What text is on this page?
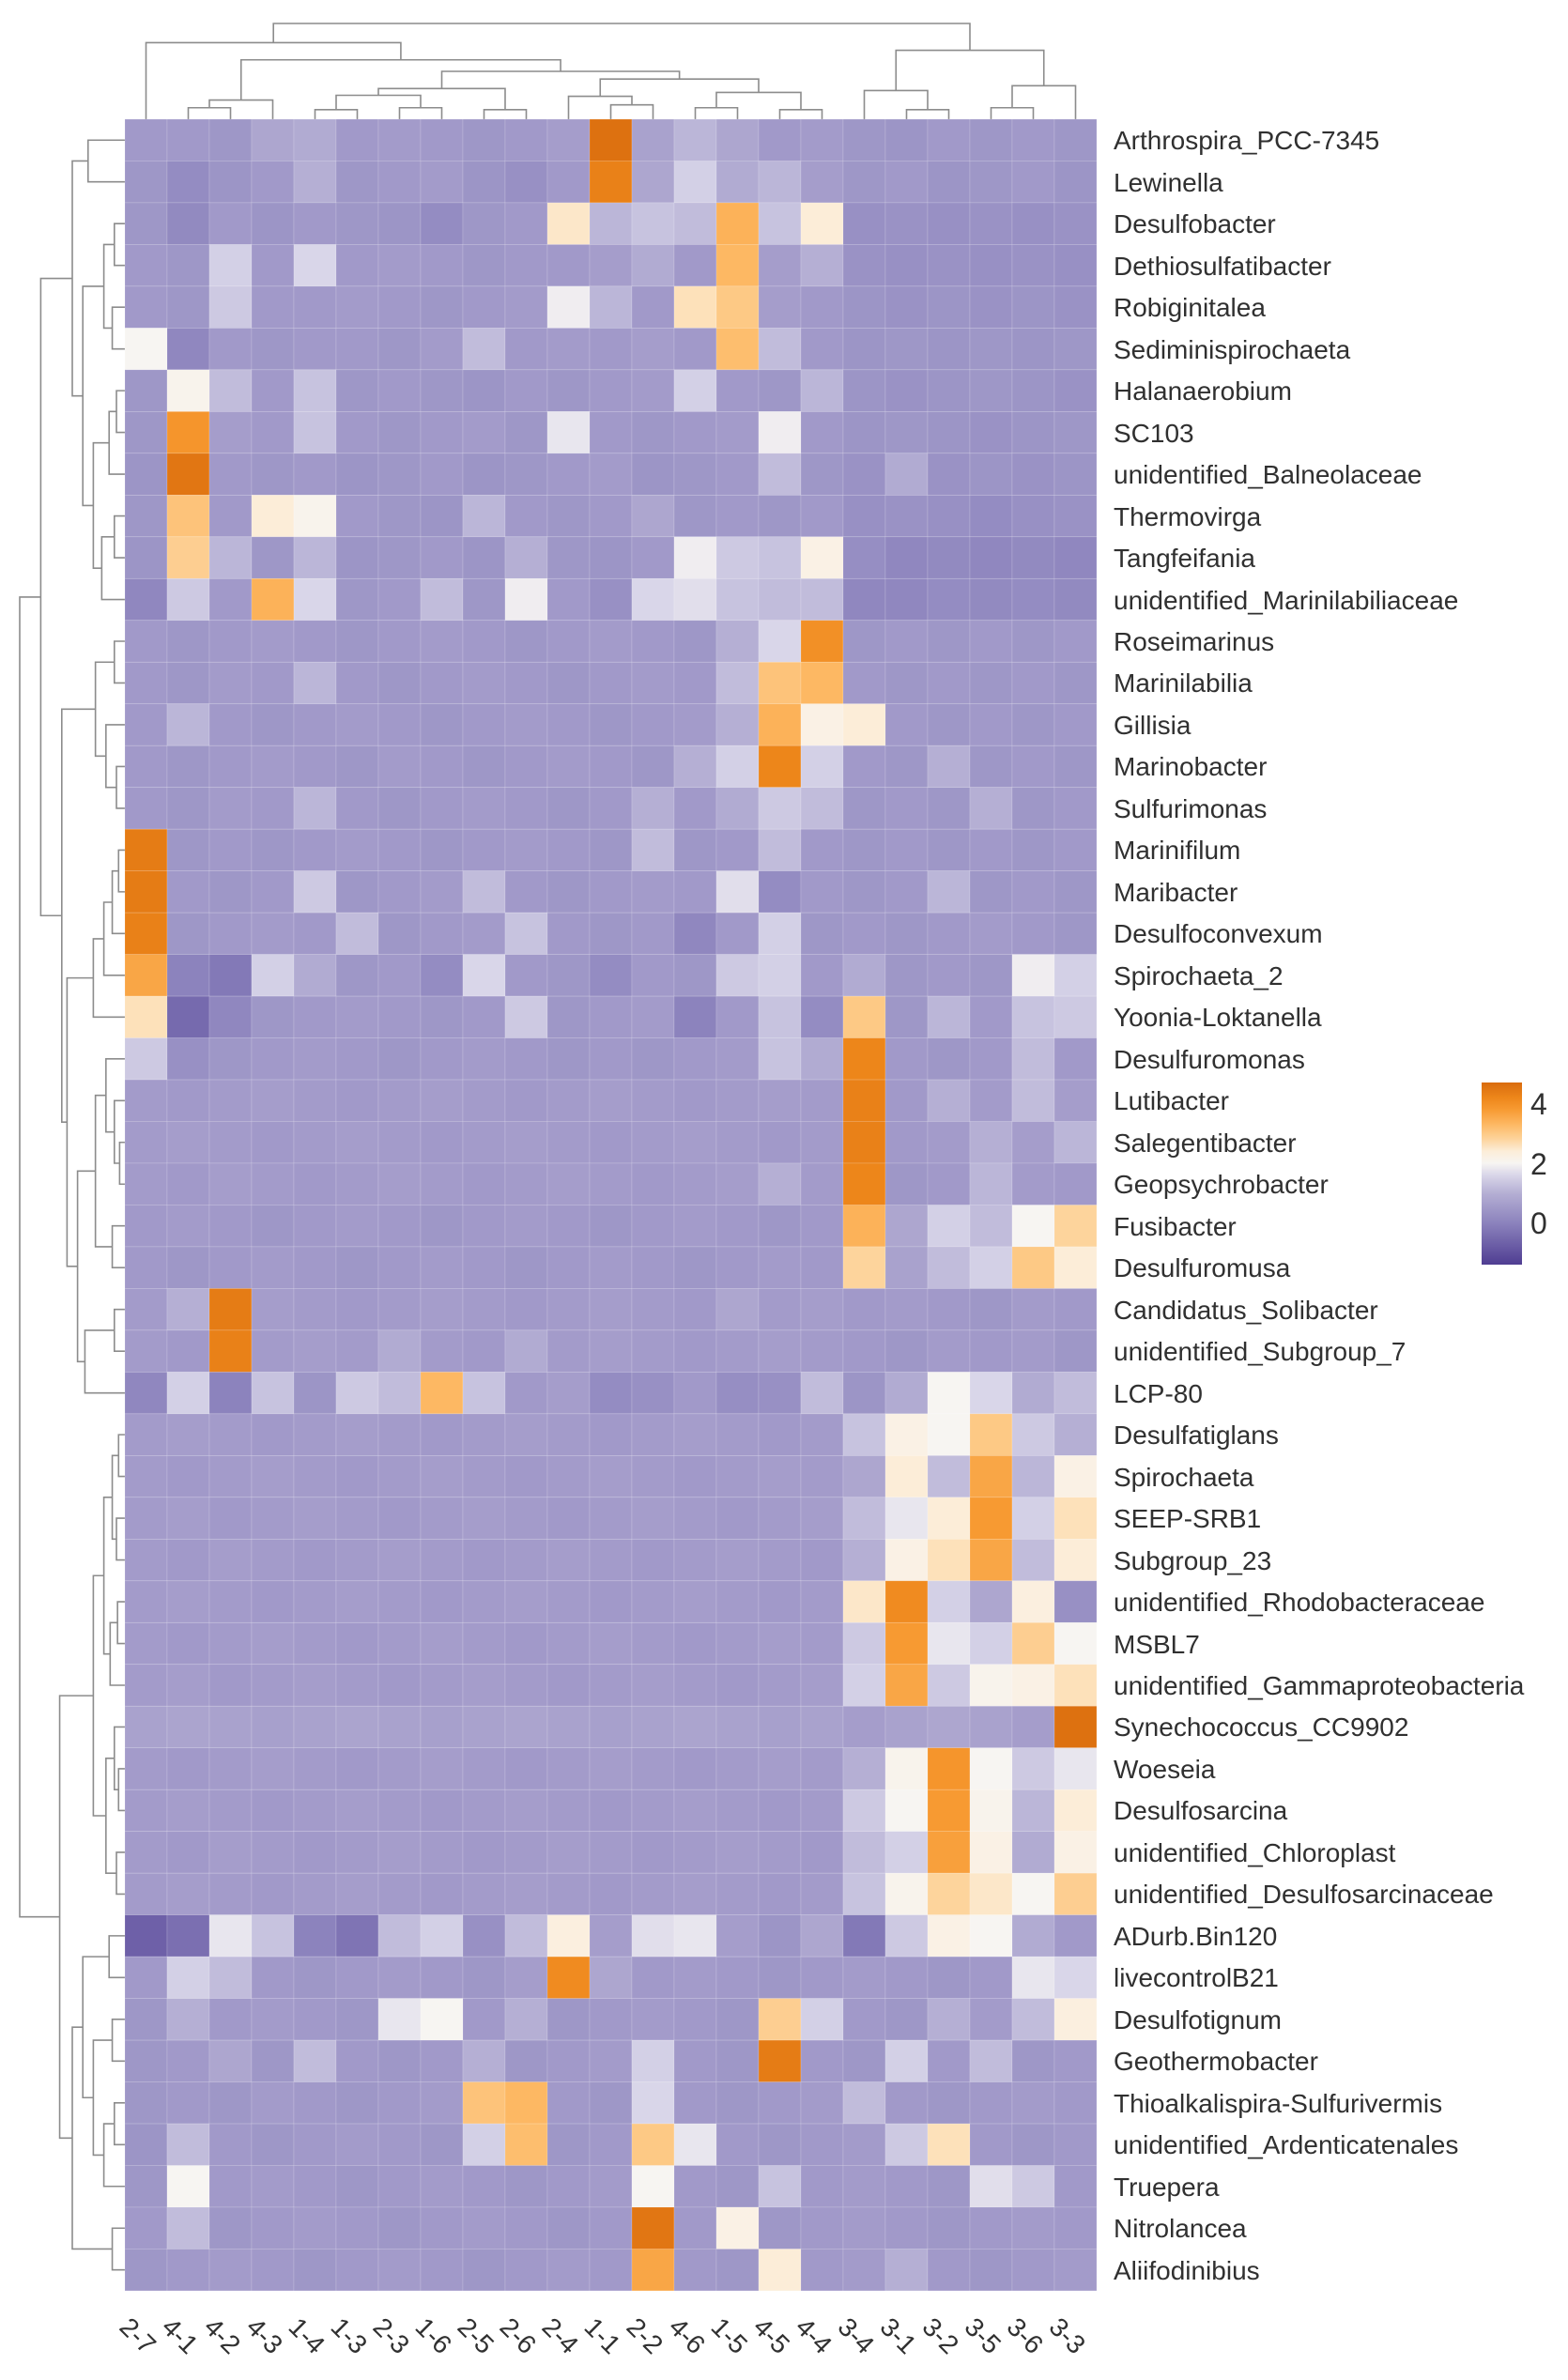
Arthrospira_PCC-7345
Lewinella
Desulfobacter
Dethiosulfatibacter
Robiginitalea
Sediminispirochaeta
Halanaerobium
SC103
unidentified_Balneolaceae
Thermovirga
Tangfeifania
unidentified_Marinilabiliaceae
Roseimarinus
Marinilabilia
Gillisia
Marinobacter
Sulfurimonas
Marinifilum
Maribacter
Desulfoconvexum
Spirochaeta_2
Yoonia-Loktanella
Desulfuromonas
Lutibacter
Salegentibacter
Geopsychrobacter
Fusibacter
Desulfuromusa
Candidatus_Solibacter
unidentified_Subgroup_7
LCP-80
Desulfatiglans
Spirochaeta
SEEP-SRB1
Subgroup_23
unidentified_Rhodobacteraceae
MSBL7
unidentified_Gammaproteobacteria
Synechococcus_CC9902
Woeseia
Desulfosarcina
unidentified_Chloroplast
unidentified_Desulfosarcinaceae
ADurb.Bin120
livecontrolB21
Desulfotignum
Geothermobacter
Thioalkalispira-Sulfurivermis
unidentified_Ardenticatenales
Truepera
Nitrolancea
Aliifodinibius
2-7
4-1
4-2
4-3
1-4
1-3
2-3
1-6
2-5
2-6
2-4
1-1
2-2
4-6
1-5
4-5
4-4
3-4
3-1
3-2
3-5
3-6
3-3
4
2
0
